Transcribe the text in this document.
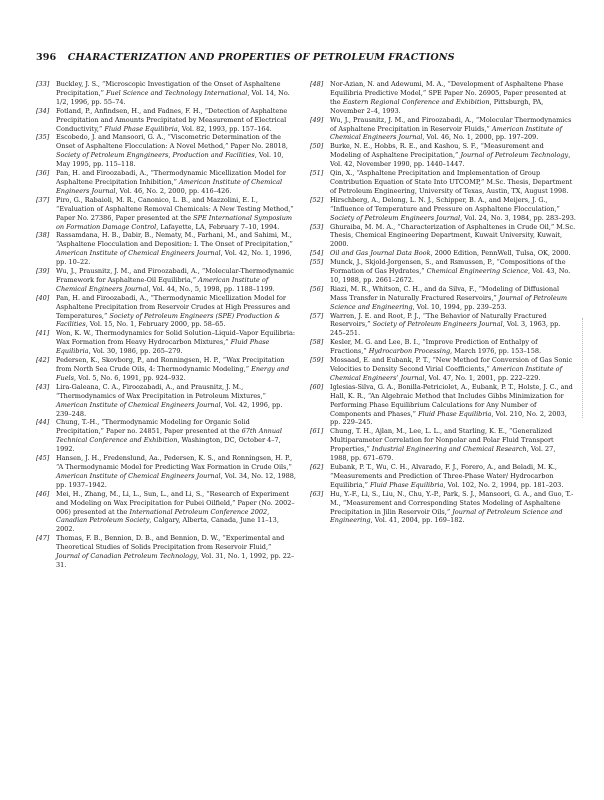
396 CHARACTERIZATION AND PROPERTIES OF PETROLEUM FRACTIONS

[33] Buckley, J. S., “Microscopic Investigation of the Onset of Asphaltene Precipitation,” Fuel Science and Technology International, Vol. 14, No. 1/2, 1996, pp. 55–74.

[34] Fotland, P., Anfindsen, H., and Fadnes, F. H., “Detection of Asphaltene Precipitation and Amounts Precipitated by Measurement of Electrical Conductivity,” Fluid Phase Equilibria, Vol. 82, 1993, pp. 157–164.

[35] Escobedo, J. and Mansoori, G. A., “Viscometric Determination of the Onset of Asphaltene Flocculation: A Novel Method,” Paper No. 28018, Society of Petroleum Engngineers, Production and Facilities, Vol. 10, May 1995, pp. 115–118.

[36] Pan, H. and Firoozabadi, A., “Thermodynamic Micellization Model for Asphaltene Precipitation Inhibition,” American Institute of Chemical Engineers Journal, Vol. 46, No. 2, 2000, pp. 416–426.

[37] Piro, G., Rabaioli, M. R., Canonico, L. B., and Mazzolini, E. I., “Evaluation of Asphaltene Removal Chemicals: A New Testing Method,” Paper No. 27386, Paper presented at the SPE International Symposium on Formation Damage Control, Lafayette, LA, February 7–10, 1994.

[38] Rassamdana, H. B., Dabir, B., Nematy, M., Farhani, M., and Sahimi, M., “Asphaltene Flocculation and Deposition: I. The Onset of Precipitation,” American Institute of Chemical Engineers Journal, Vol. 42, No. 1, 1996, pp. 10–22.

[39] Wu, J., Prausnitz, J. M., and Firoozabadi, A., “Molecular-Thermodynamic Framework for Asphaltene-Oil Equilibria,” American Institute of Chemical Engineers Journal, Vol. 44, No., 5, 1998, pp. 1188–1199.

[40] Pan, H. and Firoozabadi, A., “Thermodynamic Micellization Model for Asphaltene Precipitation from Reservoir Crudes at High Pressures and Temperatures,” Society of Petroleum Engineers (SPE) Production & Facilities, Vol. 15, No. 1, February 2000, pp. 58–65.

[41] Won, K. W., Thermodynamics for Solid Solution–Liquid–Vapor Equilibria: Wax Formation from Heavy Hydrocarbon Mixtures,” Fluid Phase Equilibria, Vol. 30, 1986, pp. 265–279.

[42] Pedersen, K., Skovborg, P., and Ronningsen, H. P., “Wax Precipitation from North Sea Crude Oils, 4: Thermodynamic Modeling,” Energy and Fuels, Vol. 5, No. 6, 1991, pp. 924–932.

[43] Lira-Galeana, C. A., Firoozabadi, A., and Prausnitz, J. M., “Thermodynamics of Wax Precipitation in Petroleum Mixtures,” American Institute of Chemical Engineers Journal, Vol. 42, 1996, pp. 239–248.

[44] Chung, T.-H., “Thermodynamic Modeling for Organic Solid Precipitation,” Paper no. 24851, Paper presented at the 67th Annual Technical Conference and Exhibition, Washington, DC, October 4–7, 1992.

[45] Hansen, J. H., Fredenslund, Aa., Pedersen, K. S., and Ronningsen, H. P., “A Thermodynamic Model for Predicting Wax Formation in Crude Oils,” American Institute of Chemical Engineers Journal, Vol. 34, No. 12, 1988, pp. 1937–1942.

[46] Mei, H., Zhang, M., Li, L., Sun, L., and Li, S., “Research of Experiment and Modeling on Wax Precipitation for Pubei Oilfield,” Paper (No. 2002–006) presented at the International Petroleum Conference 2002, Canadian Petroleum Society, Calgary, Alberta, Canada, June 11–13, 2002.

[47] Thomas, F. B., Bennion, D. B., and Bennion, D. W., “Experimental and Theoretical Studies of Solids Precipitation from Reservoir Fluid,” Journal of Canadian Petroleum Technology, Vol. 31, No. 1, 1992, pp. 22–31.

[48] Nor-Azian, N. and Adewumi, M. A., “Development of Asphaltene Phase Equilibria Predictive Model,” SPE Paper No. 26905, Paper presented at the Eastern Regional Conference and Exhibition, Pittsburgh, PA, November 2–4, 1993.

[49] Wu, J., Prausnitz, J. M., and Firoozabadi, A., “Molecular Thermodynamics of Asphaltene Precipitation in Reservoir Fluids,” American Institute of Chemical Engineers Journal, Vol. 46, No. 1, 2000, pp. 197–209.

[50] Burke, N. E., Hobbs, R. E., and Kashou, S. F., “Measurement and Modeling of Asphaltene Precipitation,” Journal of Petroleum Technology, Vol. 42, November 1990, pp. 1440–1447.

[51] Qin, X., “Asphaltene Precipitation and Implementation of Group Contribution Equation of State Into UTCOMP,” M.Sc. Thesis, Department of Petroleum Engineering, University of Texas, Austin, TX, August 1998.

[52] Hirschberg, A., Delong, L. N. J., Schipper, B. A., and Meijers, J. G., “Influence of Temperature and Pressure on Asphaltene Flocculation,” Society of Petroleum Engineers Journal, Vol. 24, No. 3, 1984, pp. 283–293.

[53] Ghuraiba, M. M. A., “Characterization of Asphaltenes in Crude Oil,” M.Sc. Thesis, Chemical Engineering Department, Kuwait University, Kuwait, 2000.

[54] Oil and Gas Journal Data Book, 2000 Edition, PennWell, Tulsa, OK, 2000.

[55] Munck, J., Skjold-Jorgensen, S., and Rsmussen, P., “Compositions of the Formation of Gas Hydrates,” Chemical Engineering Science, Vol. 43, No. 10, 1988, pp. 2661–2672.

[56] Riazi, M. R., Whitson, C. H., and da Silva, F., “Modeling of Diffusional Mass Transfer in Naturally Fractured Reservoirs,” Journal of Petroleum Science and Engineering, Vol. 10, 1994, pp. 239–253.

[57] Warren, J. E. and Root, P. J., “The Behavior of Naturally Fractured Reservoirs,” Society of Petroleum Engineers Journal, Vol. 3, 1963, pp. 245–251.

[58] Kesler, M. G. and Lee, B. I., “Improve Prediction of Enthalpy of Fractions,” Hydrocarbon Processing, March 1976, pp. 153–158.

[59] Mossaad, E. and Eubank, P. T., “New Method for Conversion of Gas Sonic Velocities to Density Second Virial Coefficients,” American Institute of Chemical Engineers’ Journal, Vol. 47, No. 1, 2001, pp. 222–229.

[60] Iglesias-Silva, G. A., Bonilla-Petriciolet, A., Eubank, P. T., Holste, J. C., and Hall, K. R., “An Algebraic Method that Includes Gibbs Minimization for Performing Phase Equilibrium Calculations for Any Number of Components and Phases,” Fluid Phase Equilibria, Vol. 210, No. 2, 2003, pp. 229–245.

[61] Chung, T. H., Ajlan, M., Lee, L. L., and Starling, K. E., “Generalized Multiparameter Correlation for Nonpolar and Polar Fluid Transport Properties,” Industrial Engineering and Chemical Research, Vol. 27, 1988, pp. 671–679.

[62] Eubank, P. T., Wu, C. H., Alvarado, F. J., Forero, A., and Beladi, M. K., “Measurements and Prediction of Three-Phase Water/ Hydrocarbon Equilibria,” Fluid Phase Equilibria, Vol. 102, No. 2, 1994, pp. 181–203.

[63] Hu, Y.-F., Li, S., Liu, N., Chu, Y.-P., Park, S. J., Mansoori, G. A., and Guo, T.-M., “Measurement and Corresponding States Modeling of Asphaltene Precipitation in Jilin Reservoir Oils,” Journal of Petroleum Science and Engineering, Vol. 41, 2004, pp. 169–182.
